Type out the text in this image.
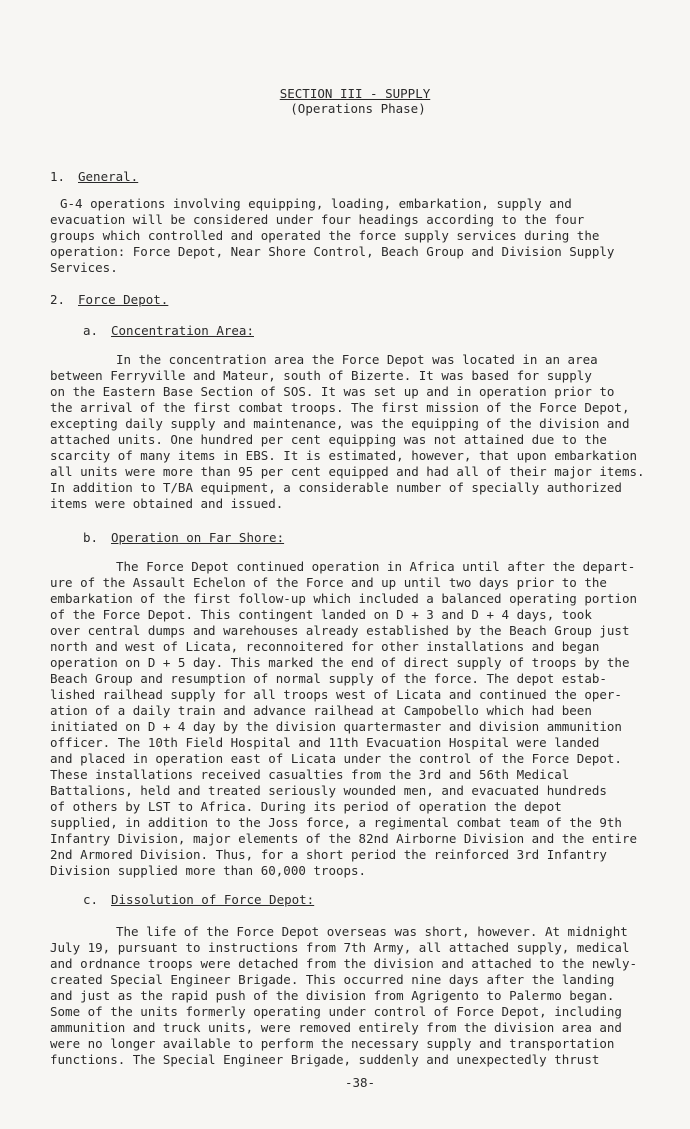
SECTION III - SUPPLY
(Operations Phase)
1. General.
G-4 operations involving equipping, loading, embarkation, supply and
evacuation will be considered under four headings according to the four
groups which controlled and operated the force supply services during the
operation: Force Depot, Near Shore Control, Beach Group and Division Supply
Services.
2. Force Depot.
a. Concentration Area:
In the concentration area the Force Depot was located in an area
between Ferryville and Mateur, south of Bizerte. It was based for supply
on the Eastern Base Section of SOS. It was set up and in operation prior to
the arrival of the first combat troops. The first mission of the Force Depot,
excepting daily supply and maintenance, was the equipping of the division and
attached units. One hundred per cent equipping was not attained due to the
scarcity of many items in EBS. It is estimated, however, that upon embarkation
all units were more than 95 per cent equipped and had all of their major items.
In addition to T/BA equipment, a considerable number of specially authorized
items were obtained and issued.
b. Operation on Far Shore:
The Force Depot continued operation in Africa until after the depart-
ure of the Assault Echelon of the Force and up until two days prior to the
embarkation of the first follow-up which included a balanced operating portion
of the Force Depot. This contingent landed on D + 3 and D + 4 days, took
over central dumps and warehouses already established by the Beach Group just
north and west of Licata, reconnoitered for other installations and began
operation on D + 5 day. This marked the end of direct supply of troops by the
Beach Group and resumption of normal supply of the force. The depot estab-
lished railhead supply for all troops west of Licata and continued the oper-
ation of a daily train and advance railhead at Campobello which had been
initiated on D + 4 day by the division quartermaster and division ammunition
officer. The 10th Field Hospital and 11th Evacuation Hospital were landed
and placed in operation east of Licata under the control of the Force Depot.
These installations received casualties from the 3rd and 56th Medical
Battalions, held and treated seriously wounded men, and evacuated hundreds
of others by LST to Africa. During its period of operation the depot
supplied, in addition to the Joss force, a regimental combat team of the 9th
Infantry Division, major elements of the 82nd Airborne Division and the entire
2nd Armored Division. Thus, for a short period the reinforced 3rd Infantry
Division supplied more than 60,000 troops.
c. Dissolution of Force Depot:
The life of the Force Depot overseas was short, however. At midnight
July 19, pursuant to instructions from 7th Army, all attached supply, medical
and ordnance troops were detached from the division and attached to the newly-
created Special Engineer Brigade. This occurred nine days after the landing
and just as the rapid push of the division from Agrigento to Palermo began.
Some of the units formerly operating under control of Force Depot, including
ammunition and truck units, were removed entirely from the division area and
were no longer available to perform the necessary supply and transportation
functions. The Special Engineer Brigade, suddenly and unexpectedly thrust
-38-
